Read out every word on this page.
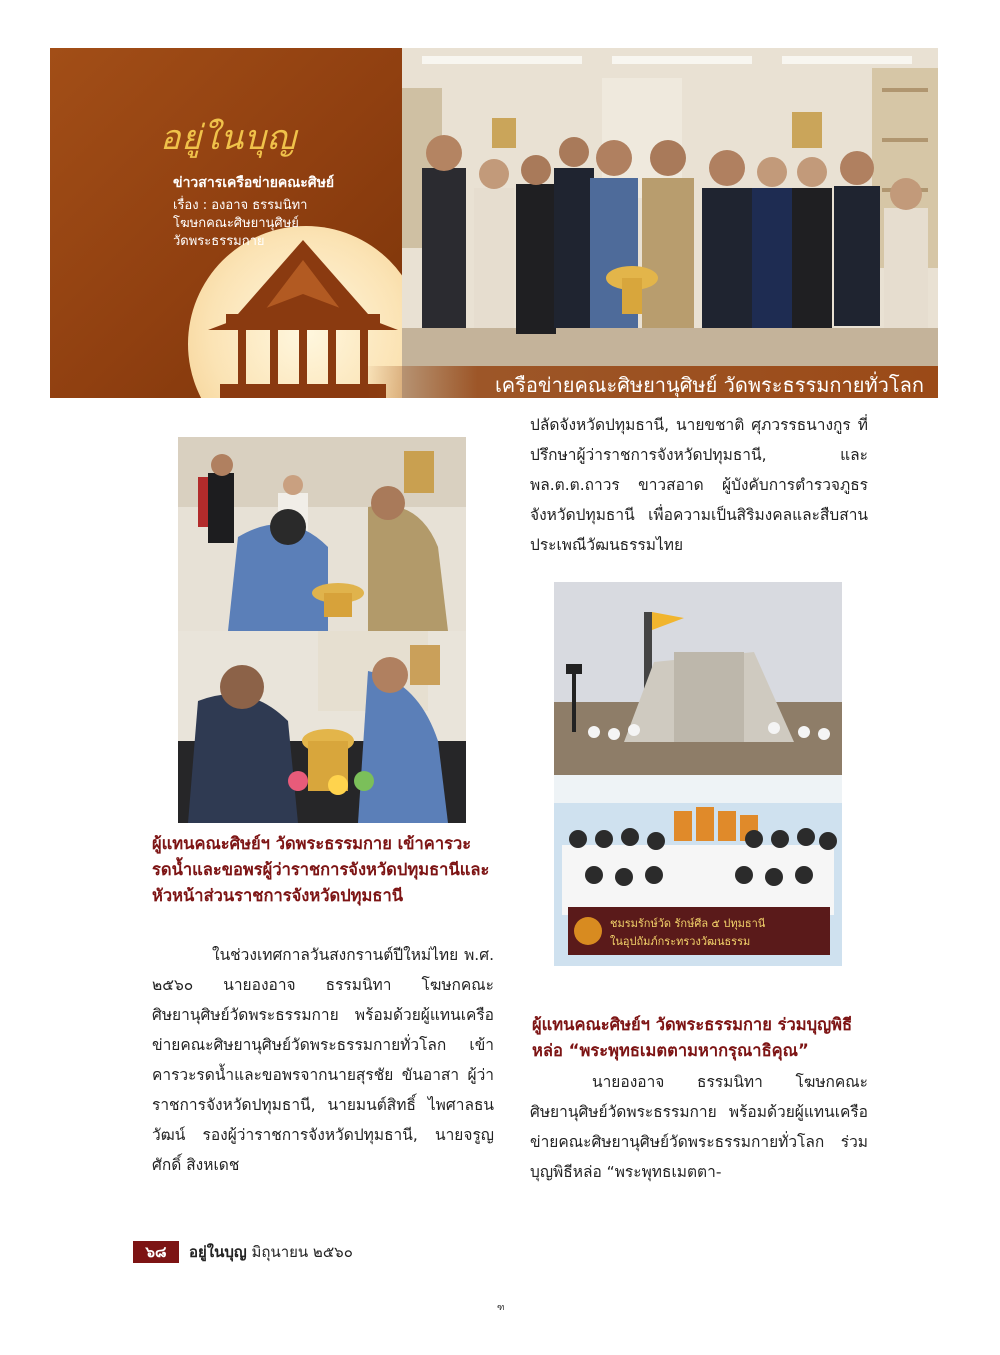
อยู่ในบุญ
ข่าวสารเครือข่ายคณะศิษย์
เรื่อง : องอาจ ธรรมนิทา
โฆษกคณะศิษยานุศิษย์
วัดพระธรรมกาย
เครือข่ายคณะศิษยานุศิษย์ วัดพระธรรมกายทั่วโลก
ผู้แทนคณะศิษย์ฯ วัดพระธรรมกาย เข้าคารวะรดน้ำและขอพรผู้ว่าราชการจังหวัดปทุมธานีและหัวหน้าส่วนราชการจังหวัดปทุมธานี

ในช่วงเทศกาลวันสงกรานต์ปีใหม่ไทย พ.ศ. ๒๕๖๐ นายองอาจ ธรรมนิทา โฆษกคณะศิษยานุศิษย์วัดพระธรรมกาย พร้อมด้วยผู้แทนเครือข่ายคณะศิษยานุศิษย์วัดพระธรรมกายทั่วโลก เข้าคารวะรดน้ำและขอพรจากนายสุรชัย ขันอาสา ผู้ว่าราชการจังหวัดปทุมธานี, นายมนต์สิทธิ์ ไพศาลธนวัฒน์ รองผู้ว่าราชการจังหวัดปทุมธานี, นายจรูญศักดิ์ สิงหเดช

ปลัดจังหวัดปทุมธานี, นายขชาติ ศุภวรรธนางกูร ที่ปรึกษาผู้ว่าราชการจังหวัดปทุมธานี, และ พล.ต.ต.ถาวร ขาวสอาด ผู้บังคับการตำรวจภูธรจังหวัดปทุมธานี เพื่อความเป็นสิริมงคลและสืบสานประเพณีวัฒนธรรมไทย

ชมรมรักษ์วัด รักษ์ศีล ๕ ปทุมธานี
ในอุปถัมภ์กระทรวงวัฒนธรรม
ผู้แทนคณะศิษย์ฯ วัดพระธรรมกาย ร่วมบุญพิธีหล่อ “พระพุทธเมตตามหากรุณาธิคุณ”

นายองอาจ ธรรมนิทา โฆษกคณะศิษยานุศิษย์วัดพระธรรมกาย พร้อมด้วยผู้แทนเครือข่ายคณะศิษยานุศิษย์วัดพระธรรมกายทั่วโลก ร่วมบุญพิธีหล่อ “พระพุทธเมตตา-

๖๘	อยู่ในบุญ มิถุนายน ๒๕๖๐
ฑ
